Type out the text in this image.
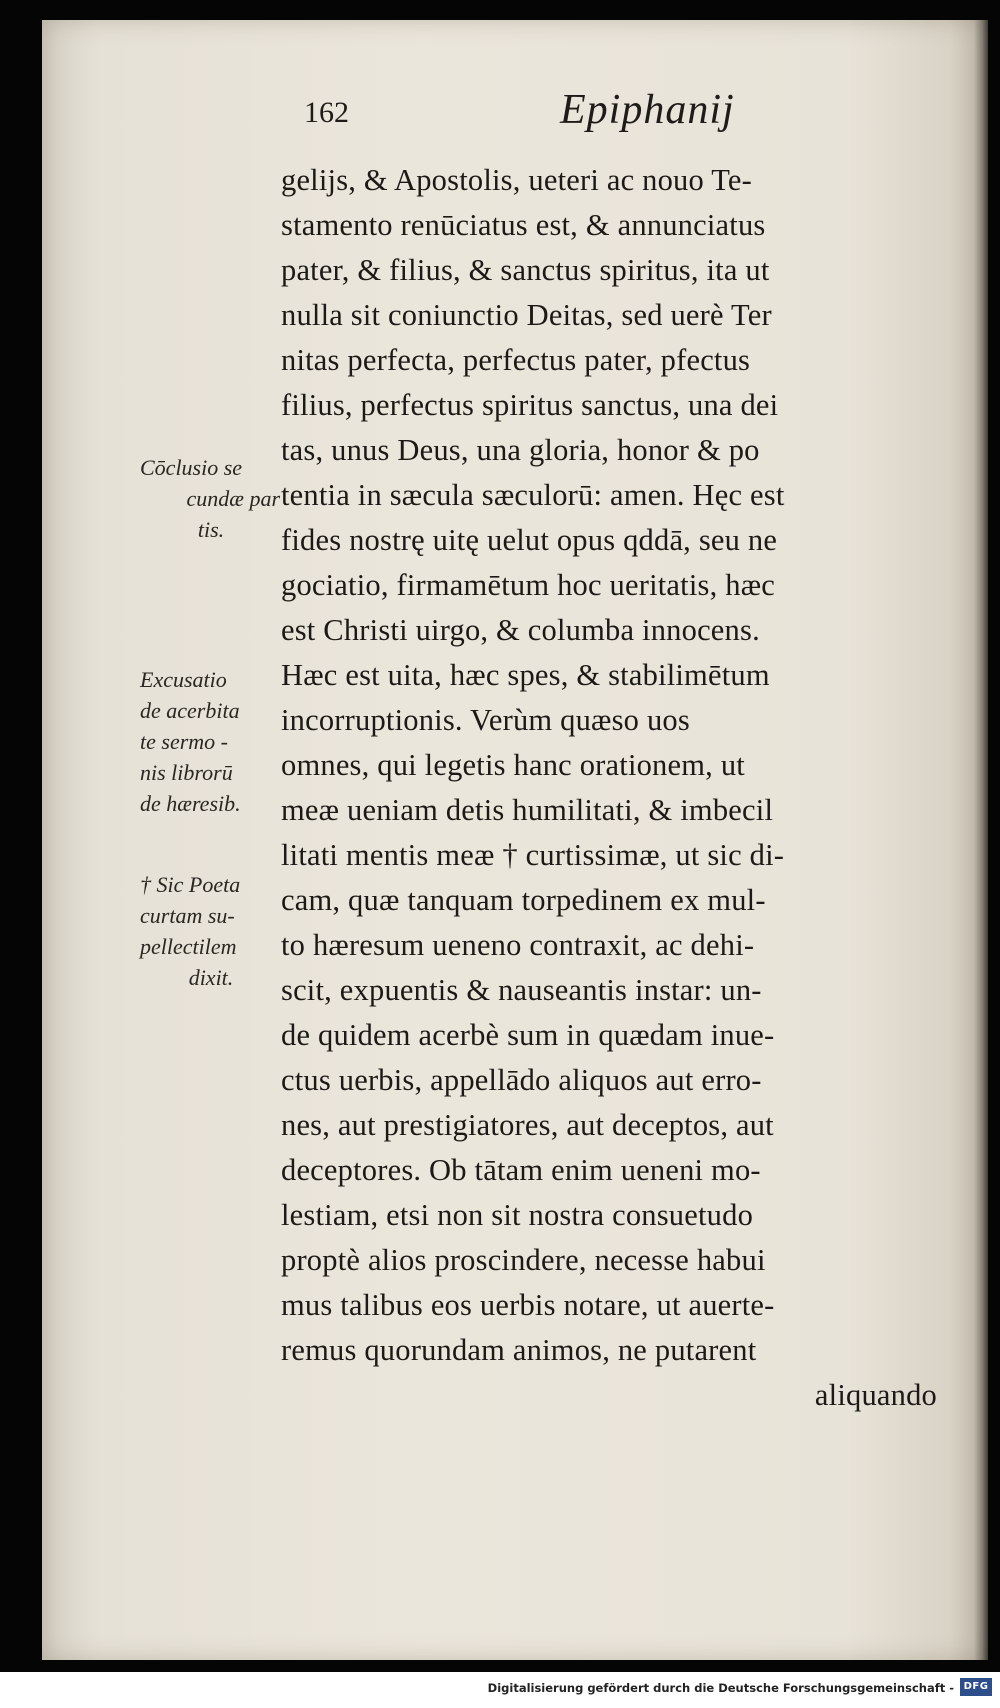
162	Epiphanij
gelijs, & Apostolis, ueteri ac nouo Te-
stamento renūciatus est, & annunciatus
pater, & filius, & sanctus spiritus, ita ut
nulla sit coniunctio Deitas, sed uerè Ter
nitas perfecta, perfectus pater, pfectus
filius, perfectus spiritus sanctus, una dei
tas, unus Deus, una gloria, honor & po
tentia in sæcula sæculorū: amen. Hęc est
fides nostrę uitę uelut opus qddā, seu ne
gociatio, firmamētum hoc ueritatis, hæc
est Christi uirgo, & columba innocens.
Hæc est uita, hæc spes, & stabilimētum
incorruptionis. Verùm quæso uos
omnes, qui legetis hanc orationem, ut
meæ ueniam detis humilitati, & imbecil
litati mentis meæ † curtissimæ, ut sic di-
cam, quæ tanquam torpedinem ex mul-
to hæresum ueneno contraxit, ac dehi-
scit, expuentis & nauseantis instar: un-
de quidem acerbè sum in quædam inue-
ctus uerbis, appellādo aliquos aut erro-
nes, aut prestigiatores, aut deceptos, aut
deceptores. Ob tātam enim ueneni mo-
lestiam, etsi non sit nostra consuetudo
proptè alios proscindere, necesse habui
mus talibus eos uerbis notare, ut auerte-
remus quorundam animos, ne putarent
aliquando
Cōclusio se
cundæ par
tis.
Excusatio
de acerbita
te sermo -
nis librorū
de hæresib.
† Sic Poeta
curtam su-
pellectilem
dixit.
Digitalisierung gefördert durch die Deutsche Forschungsgemeinschaft - DFG
